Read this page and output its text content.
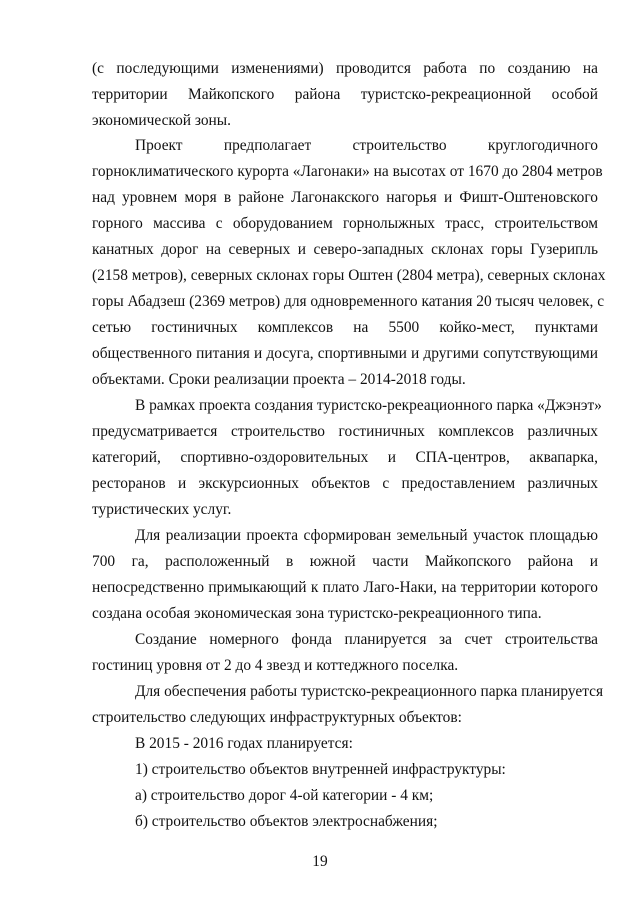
(с последующими изменениями) проводится работа по созданию на
территории Майкопского района туристско-рекреационной особой
экономической зоны.
Проект предполагает строительство круглогодичного
горноклиматического курорта «Лагонаки» на высотах от 1670 до 2804 метров
над уровнем моря в районе Лагонакского нагорья и Фишт-Оштеновского
горного массива с оборудованием горнолыжных трасс, строительством
канатных дорог на северных и северо-западных склонах горы Гузерипль
(2158 метров), северных склонах горы Оштен (2804 метра), северных склонах
горы Абадзеш (2369 метров) для одновременного катания 20 тысяч человек, с
сетью гостиничных комплексов на 5500 койко-мест, пунктами
общественного питания и досуга, спортивными и другими сопутствующими
объектами. Сроки реализации проекта – 2014-2018 годы.
В рамках проекта создания туристско-рекреационного парка «Джэнэт»
предусматривается строительство гостиничных комплексов различных
категорий, спортивно-оздоровительных и СПА-центров, аквапарка,
ресторанов и экскурсионных объектов с предоставлением различных
туристических услуг.
Для реализации проекта сформирован земельный участок площадью
700 га, расположенный в южной части Майкопского района и
непосредственно примыкающий к плато Лаго-Наки, на территории которого
создана особая экономическая зона туристско-рекреационного типа.
Создание номерного фонда планируется за счет строительства
гостиниц уровня от 2 до 4 звезд и коттеджного поселка.
Для обеспечения работы туристско-рекреационного парка планируется
строительство следующих инфраструктурных объектов:
В 2015 - 2016 годах планируется:
1) строительство объектов внутренней инфраструктуры:
а) строительство дорог 4-ой категории - 4 км;
б) строительство объектов электроснабжения;
19
